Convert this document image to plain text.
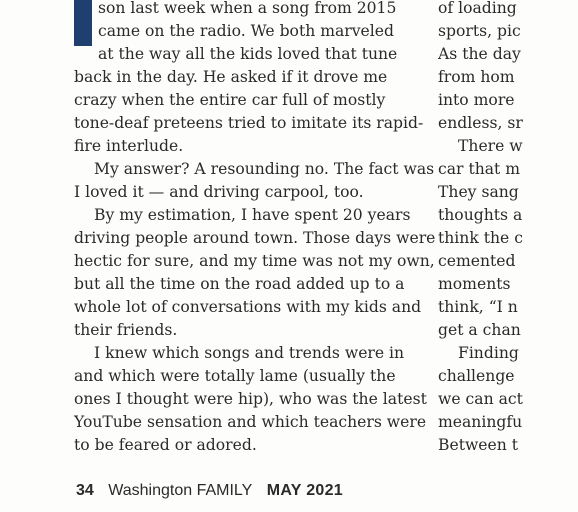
son last week when a song from 2015
came on the radio. We both marveled
at the way all the kids loved that tune
back in the day. He asked if it drove me
crazy when the entire car full of mostly
tone-deaf preteens tried to imitate its rapid-
fire interlude.

My answer? A resounding no. The fact was
I loved it — and driving carpool, too.

By my estimation, I have spent 20 years
driving people around town. Those days were
hectic for sure, and my time was not my own,
but all the time on the road added up to a
whole lot of conversations with my kids and
their friends.

I knew which songs and trends were in
and which were totally lame (usually the
ones I thought were hip), who was the latest
YouTube sensation and which teachers were
to be feared or adored.

of loading
sports, pic
As the day
from hom
into more
endless, sr

There w
car that m
They sang
thoughts a
think the c
cemented
moments
think, “I n
get a chan

Finding
challenge
we can act
meaningfu
Between t

34 Washington FAMILY MAY 2021
